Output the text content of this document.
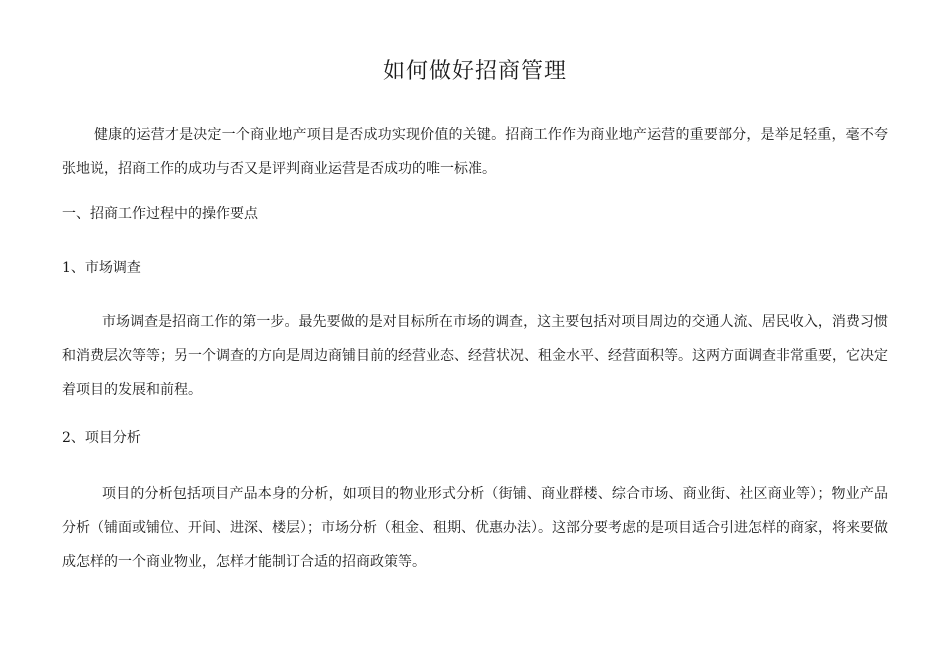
如何做好招商管理
健康的运营才是决定一个商业地产项目是否成功实现价值的关键。招商工作作为商业地产运营的重要部分，是举足轻重，毫不夸张地说，招商工作的成功与否又是评判商业运营是否成功的唯一标准。
一、招商工作过程中的操作要点
1、市场调查
市场调查是招商工作的第一步。最先要做的是对目标所在市场的调查，这主要包括对项目周边的交通人流、居民收入，消费习惯和消费层次等等；另一个调查的方向是周边商铺目前的经营业态、经营状况、租金水平、经营面积等。这两方面调查非常重要，它决定着项目的发展和前程。
2、项目分析
项目的分析包括项目产品本身的分析，如项目的物业形式分析（街铺、商业群楼、综合市场、商业街、社区商业等）；物业产品分析（铺面或铺位、开间、进深、楼层）；市场分析（租金、租期、优惠办法）。这部分要考虑的是项目适合引进怎样的商家，将来要做成怎样的一个商业物业，怎样才能制订合适的招商政策等。
